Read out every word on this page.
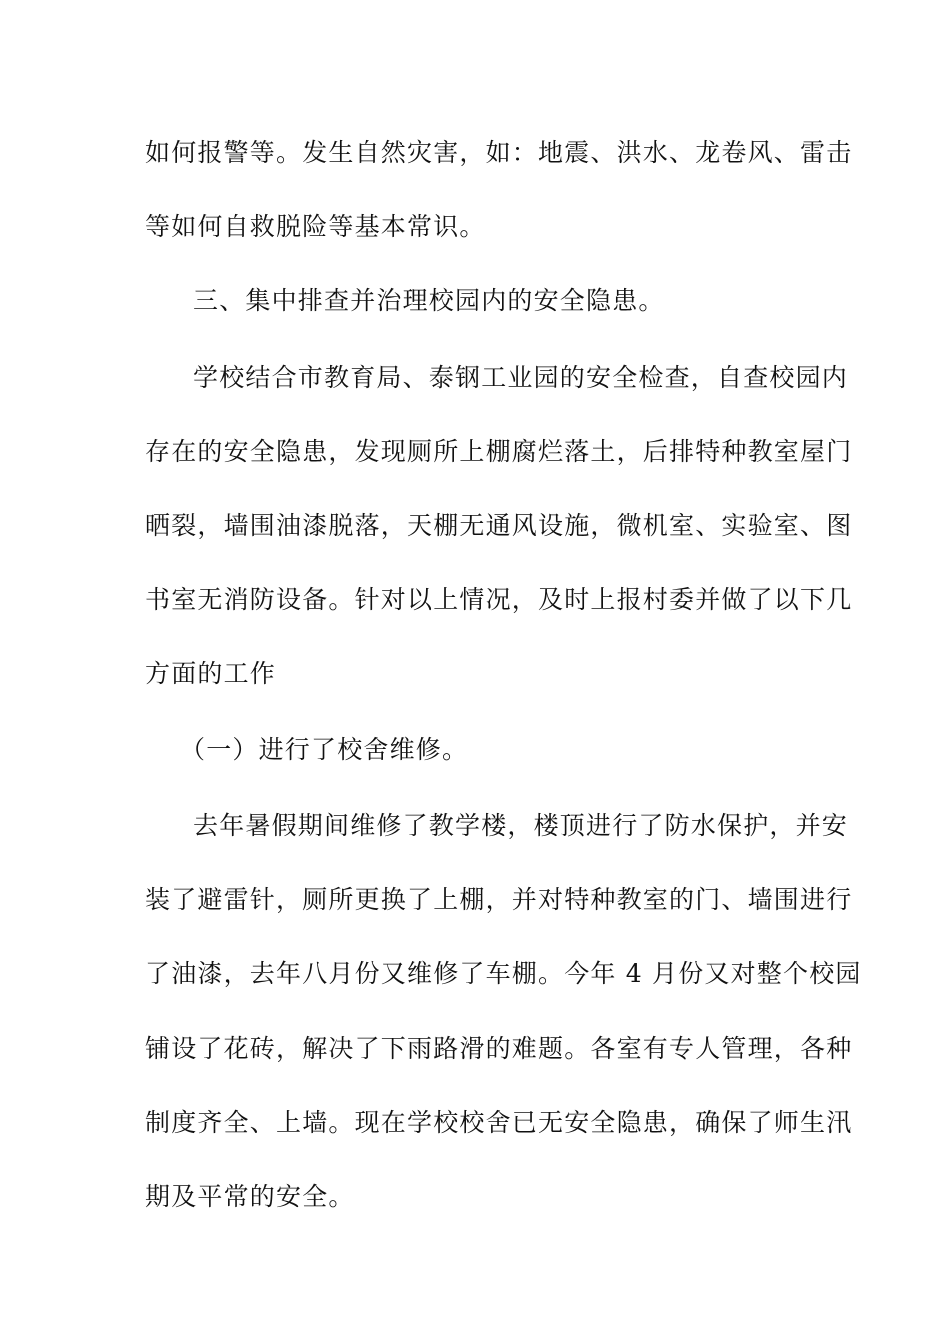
如何报警等。发生自然灾害，如：地震、洪水、龙卷风、雷击
等如何自救脱险等基本常识。
三、集中排查并治理校园内的安全隐患。
学校结合市教育局、泰钢工业园的安全检查，自查校园内
存在的安全隐患，发现厕所上棚腐烂落土，后排特种教室屋门
晒裂，墙围油漆脱落，天棚无通风设施，微机室、实验室、图
书室无消防设备。针对以上情况，及时上报村委并做了以下几
方面的工作
（一）进行了校舍维修。
去年暑假期间维修了教学楼，楼顶进行了防水保护，并安
装了避雷针，厕所更换了上棚，并对特种教室的门、墙围进行
了油漆，去年八月份又维修了车棚。今年 4 月份又对整个校园
铺设了花砖，解决了下雨路滑的难题。各室有专人管理，各种
制度齐全、上墙。现在学校校舍已无安全隐患，确保了师生汛
期及平常的安全。
